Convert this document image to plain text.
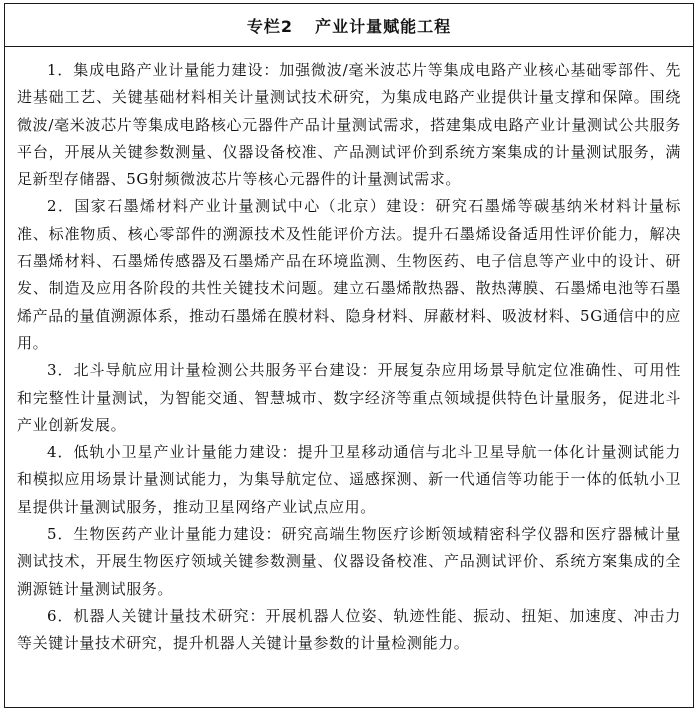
专栏2 产业计量赋能工程

1．集成电路产业计量能力建设：加强微波/毫米波芯片等集成电路产业核心基础零部件、先进基础工艺、关键基础材料相关计量测试技术研究，为集成电路产业提供计量支撑和保障。围绕微波/毫米波芯片等集成电路核心元器件产品计量测试需求，搭建集成电路产业计量测试公共服务平台，开展从关键参数测量、仪器设备校准、产品测试评价到系统方案集成的计量测试服务，满足新型存储器、5G射频微波芯片等核心元器件的计量测试需求。

2．国家石墨烯材料产业计量测试中心（北京）建设：研究石墨烯等碳基纳米材料计量标准、标准物质、核心零部件的溯源技术及性能评价方法。提升石墨烯设备适用性评价能力，解决石墨烯材料、石墨烯传感器及石墨烯产品在环境监测、生物医药、电子信息等产业中的设计、研发、制造及应用各阶段的共性关键技术问题。建立石墨烯散热器、散热薄膜、石墨烯电池等石墨烯产品的量值溯源体系，推动石墨烯在膜材料、隐身材料、屏蔽材料、吸波材料、5G通信中的应用。

3．北斗导航应用计量检测公共服务平台建设：开展复杂应用场景导航定位准确性、可用性和完整性计量测试，为智能交通、智慧城市、数字经济等重点领域提供特色计量服务，促进北斗产业创新发展。

4．低轨小卫星产业计量能力建设：提升卫星移动通信与北斗卫星导航一体化计量测试能力和模拟应用场景计量测试能力，为集导航定位、遥感探测、新一代通信等功能于一体的低轨小卫星提供计量测试服务，推动卫星网络产业试点应用。

5．生物医药产业计量能力建设：研究高端生物医疗诊断领域精密科学仪器和医疗器械计量测试技术，开展生物医疗领域关键参数测量、仪器设备校准、产品测试评价、系统方案集成的全溯源链计量测试服务。

6．机器人关键计量技术研究：开展机器人位姿、轨迹性能、振动、扭矩、加速度、冲击力等关键计量技术研究，提升机器人关键计量参数的计量检测能力。
